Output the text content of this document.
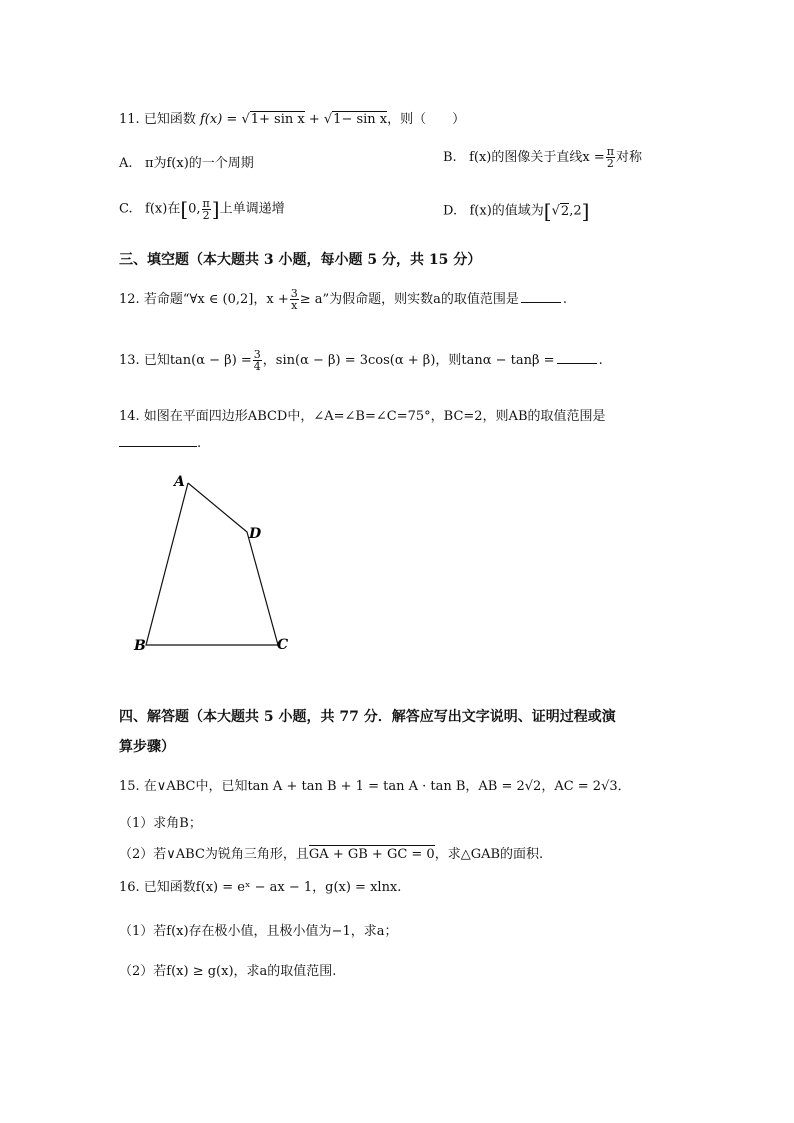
11. 已知函数 f(x) = √1+ sin x + √1− sin x，则（　　）
A. π为f(x)的一个周期	B. f(x)的图像关于直线$x = \frac{\pi}{2}$ 对称
C. f(x)在[0, $\frac{\pi}{2}$ ]上单调递增	D. f(x)的值域为[√2,2]
三、填空题（本大题共 3 小题，每小题 5 分，共 15 分）
12. 若命题“∀x ∈ (0,2]，$x + \frac{3}{x} \ge a$”为假命题，则实数a的取值范围是	.
13. 已知$\tan(\alpha - \beta) = \frac{3}{4}$ ，sin(α − β) = 3cos(α + β)，则tanα − tanβ =	.
14. 如图在平面四边形ABCD中，∠A=∠B=∠C=75°，BC=2，则AB的取值范围是
.
A
D
B	C
四、解答题（本大题共 5 小题，共 77 分．解答应写出文字说明、证明过程或演
算步骤）
15. 在∨ABC中，已知tan A + tan B + 1 = tan A · tan B，AB = 2√2，AC = 2√3．
（1）求角B；
（2）若∨ABC为锐角三角形，且GA + GB + GC = 0，求△GAB的面积.
16. 已知函数f(x) = eˣ − ax − 1，g(x) = xlnx.
（1）若f(x)存在极小值，且极小值为−1，求a；
（2）若f(x) ≥ g(x)，求a的取值范围.
